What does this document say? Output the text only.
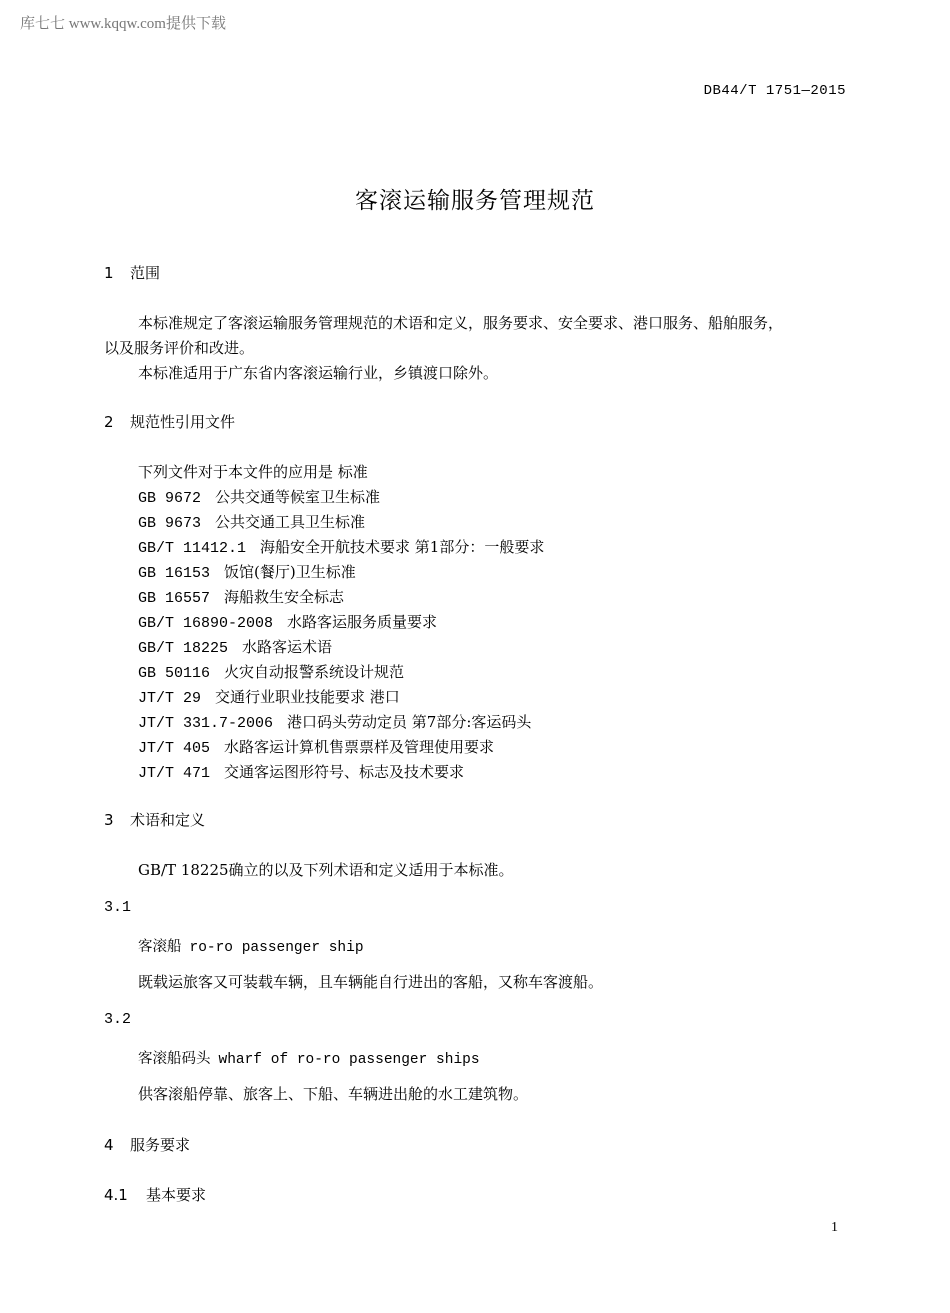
库七七 www.kqqw.com提供下载
DB44/T 1751—2015
客滚运输服务管理规范
1 范围
本标准规定了客滚运输服务管理规范的术语和定义，服务要求、安全要求、港口服务、船舶服务，
以及服务评价和改进。
本标准适用于广东省内客滚运输行业，乡镇渡口除外。
2 规范性引用文件
下列文件对于本文件的应用是 标准
GB 9672 公共交通等候室卫生标准
GB 9673 公共交通工具卫生标准
GB/T 11412.1 海船安全开航技术要求 第1部分：一般要求
GB 16153 饭馆(餐厅)卫生标准
GB 16557 海船救生安全标志
GB/T 16890-2008 水路客运服务质量要求
GB/T 18225 水路客运术语
GB 50116 火灾自动报警系统设计规范
JT/T 29 交通行业职业技能要求 港口
JT/T 331.7-2006 港口码头劳动定员 第7部分:客运码头
JT/T 405 水路客运计算机售票票样及管理使用要求
JT/T 471 交通客运图形符号、标志及技术要求
3 术语和定义
GB/T 18225确立的以及下列术语和定义适用于本标准。
3.1
客滚船 ro-ro passenger ship
既载运旅客又可装载车辆，且车辆能自行进出的客船，又称车客渡船。
3.2
客滚船码头 wharf of ro-ro passenger ships
供客滚船停靠、旅客上、下船、车辆进出舱的水工建筑物。
4 服务要求
4.1 基本要求
1
